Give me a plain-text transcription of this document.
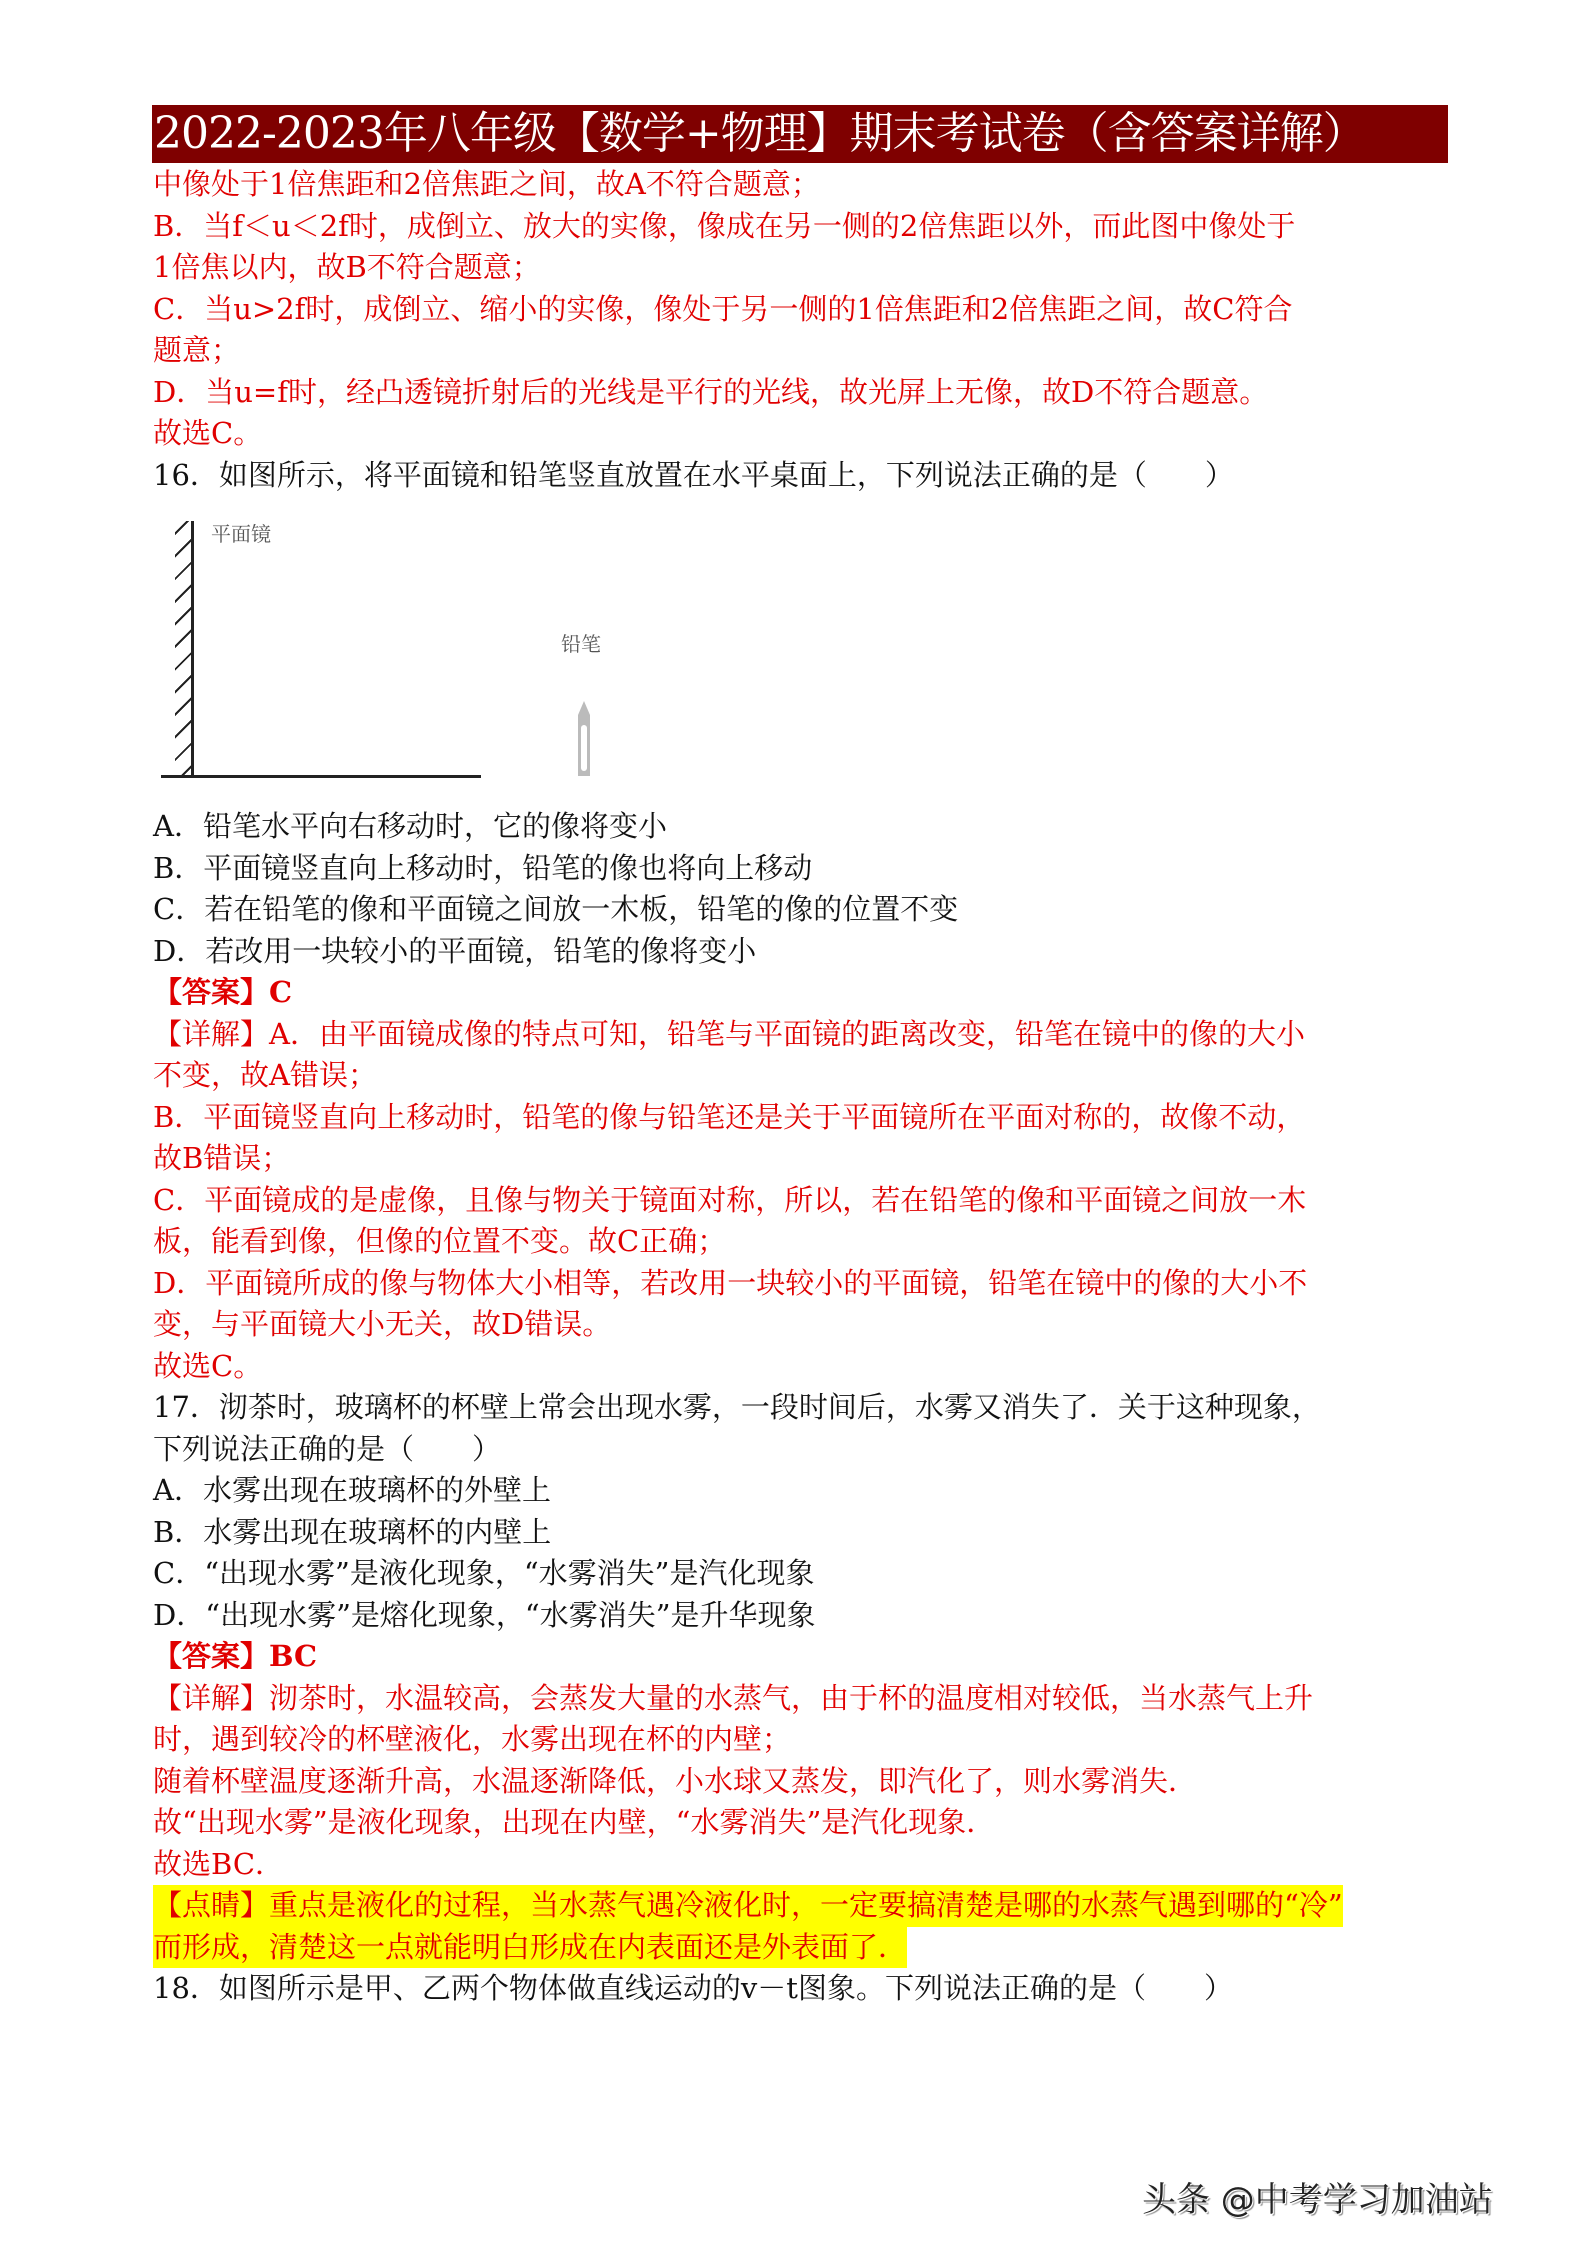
2022-2023年八年级【数学+物理】期末考试卷（含答案详解）

中像处于1倍焦距和2倍焦距之间，故A不符合题意；

B．当f＜u＜2f时，成倒立、放大的实像，像成在另一侧的2倍焦距以外，而此图中像处于

1倍焦以内，故B不符合题意；

C．当u>2f时，成倒立、缩小的实像，像处于另一侧的1倍焦距和2倍焦距之间，故C符合

题意；

D．当u=f时，经凸透镜折射后的光线是平行的光线，故光屏上无像，故D不符合题意。

故选C。

16．如图所示，将平面镜和铅笔竖直放置在水平桌面上，下列说法正确的是（　　）

平面镜
铅笔

A．铅笔水平向右移动时，它的像将变小

B．平面镜竖直向上移动时，铅笔的像也将向上移动

C．若在铅笔的像和平面镜之间放一木板，铅笔的像的位置不变

D．若改用一块较小的平面镜，铅笔的像将变小

【答案】C

【详解】A．由平面镜成像的特点可知，铅笔与平面镜的距离改变，铅笔在镜中的像的大小

不变，故A错误；

B．平面镜竖直向上移动时，铅笔的像与铅笔还是关于平面镜所在平面对称的，故像不动，

故B错误；

C．平面镜成的是虚像，且像与物关于镜面对称，所以，若在铅笔的像和平面镜之间放一木

板，能看到像，但像的位置不变。故C正确；

D．平面镜所成的像与物体大小相等，若改用一块较小的平面镜，铅笔在镜中的像的大小不

变，与平面镜大小无关，故D错误。

故选C。

17．沏茶时，玻璃杯的杯壁上常会出现水雾，一段时间后，水雾又消失了．关于这种现象，

下列说法正确的是（　　）

A．水雾出现在玻璃杯的外壁上

B．水雾出现在玻璃杯的内壁上

C．“出现水雾”是液化现象，“水雾消失”是汽化现象

D．“出现水雾”是熔化现象，“水雾消失”是升华现象

【答案】BC

【详解】沏茶时，水温较高，会蒸发大量的水蒸气，由于杯的温度相对较低，当水蒸气上升

时，遇到较冷的杯壁液化，水雾出现在杯的内壁；

随着杯壁温度逐渐升高，水温逐渐降低，小水球又蒸发，即汽化了，则水雾消失．

故“出现水雾”是液化现象，出现在内壁，“水雾消失”是汽化现象．

故选BC．

【点睛】重点是液化的过程，当水蒸气遇冷液化时，一定要搞清楚是哪的水蒸气遇到哪的“冷”

而形成，清楚这一点就能明白形成在内表面还是外表面了．

18．如图所示是甲、乙两个物体做直线运动的v－t图象。下列说法正确的是（　　）

头条 @中考学习加油站
